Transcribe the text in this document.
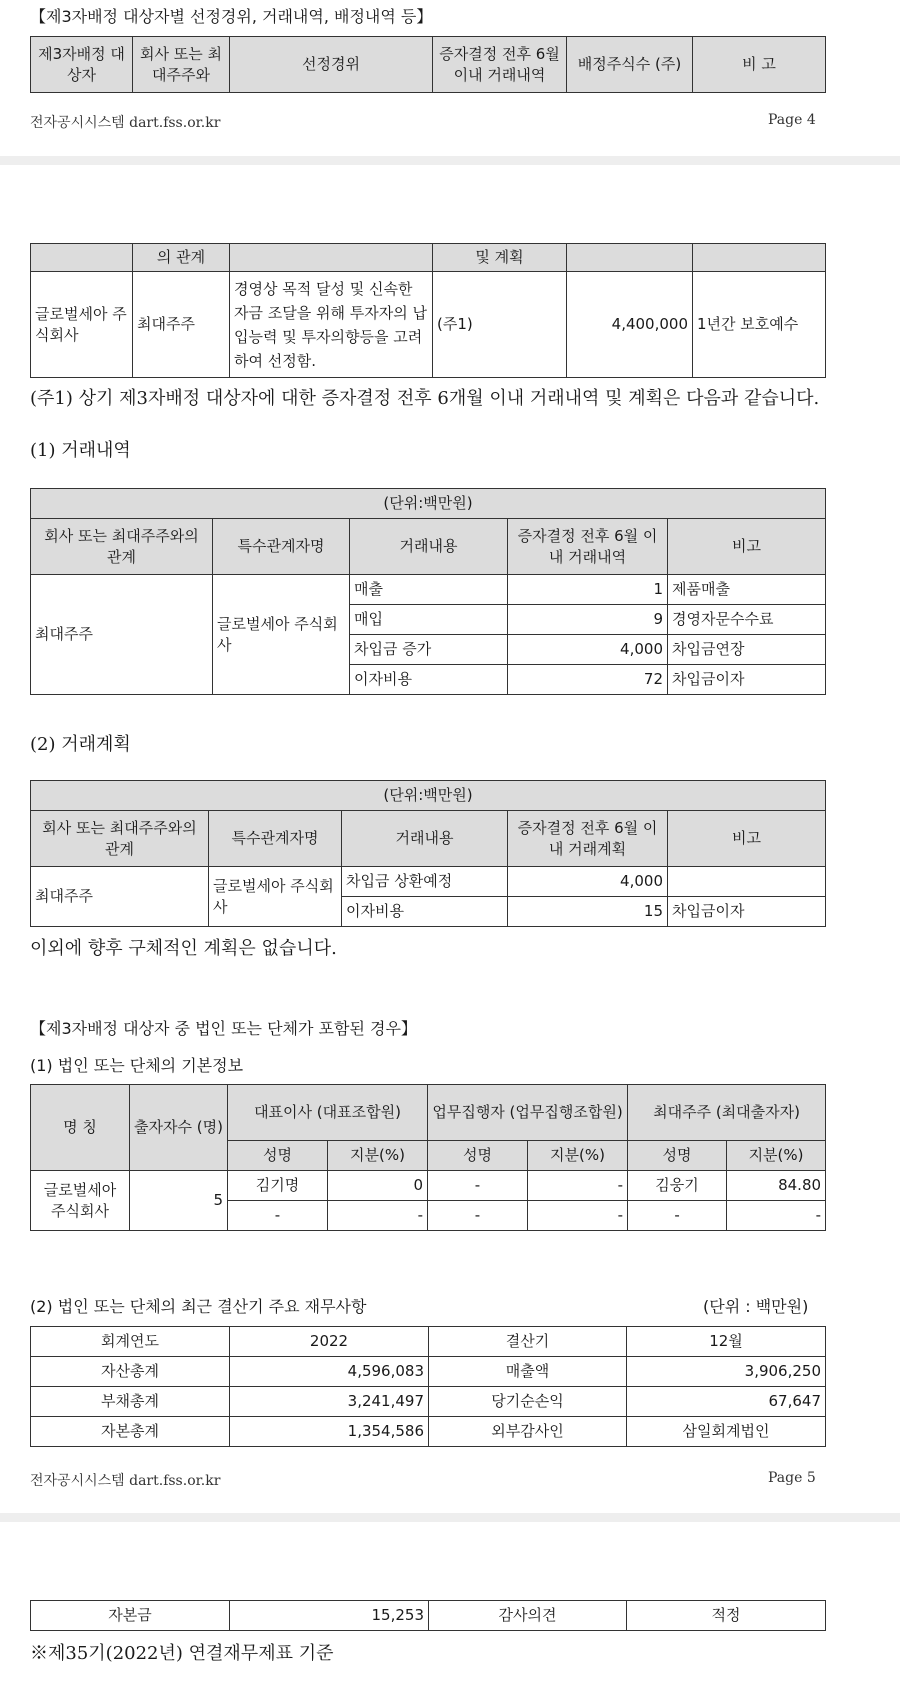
【제3자배정 대상자별 선정경위, 거래내역, 배정내역 등】
제3자배정 대상자	회사 또는 최대주주와	선정경위	증자결정 전후 6월이내 거래내역	배정주식수 (주)	비 고
전자공시시스템 dart.fss.or.kr	Page 4
	의 관계		및 계획		
글로벌세아 주식회사	최대주주	경영상 목적 달성 및 신속한 자금 조달을 위해 투자자의 납입능력 및 투자의향등을 고려하여 선정함.	(주1)	4,400,000	1년간 보호예수
(주1) 상기 제3자배정 대상자에 대한 증자결정 전후 6개월 이내 거래내역 및 계획은 다음과 같습니다.
(1) 거래내역
(단위:백만원)				
회사 또는 최대주주와의 관계	특수관계자명	거래내용	증자결정 전후 6월 이내 거래내역	비고
최대주주	글로벌세아 주식회사	매출	1	제품매출
		매입	9	경영자문수수료
		차입금 증가	4,000	차입금연장
		이자비용	72	차입금이자
(2) 거래계획
(단위:백만원)				
회사 또는 최대주주와의 관계	특수관계자명	거래내용	증자결정 전후 6월 이내 거래계획	비고
최대주주	글로벌세아 주식회사	차입금 상환예정	4,000	
		이자비용	15	차입금이자
이외에 향후 구체적인 계획은 없습니다.
【제3자배정 대상자 중 법인 또는 단체가 포함된 경우】
(1) 법인 또는 단체의 기본정보
명 칭	출자자수 (명)	대표이사 (대표조합원)		업무집행자 (업무집행조합원)		최대주주 (최대출자자)	
		성명	지분(%)	성명	지분(%)	성명	지분(%)
글로벌세아 주식회사	5	김기명	0	-	-	김웅기	84.80
		-	-	-	-	-	-
(2) 법인 또는 단체의 최근 결산기 주요 재무사항	(단위 : 백만원)
회계연도	2022	결산기	12월
자산총계	4,596,083	매출액	3,906,250
부채총계	3,241,497	당기순손익	67,647
자본총계	1,354,586	외부감사인	삼일회계법인
전자공시시스템 dart.fss.or.kr	Page 5
자본금	15,253	감사의견	적정
※제35기(2022년) 연결재무제표 기준
